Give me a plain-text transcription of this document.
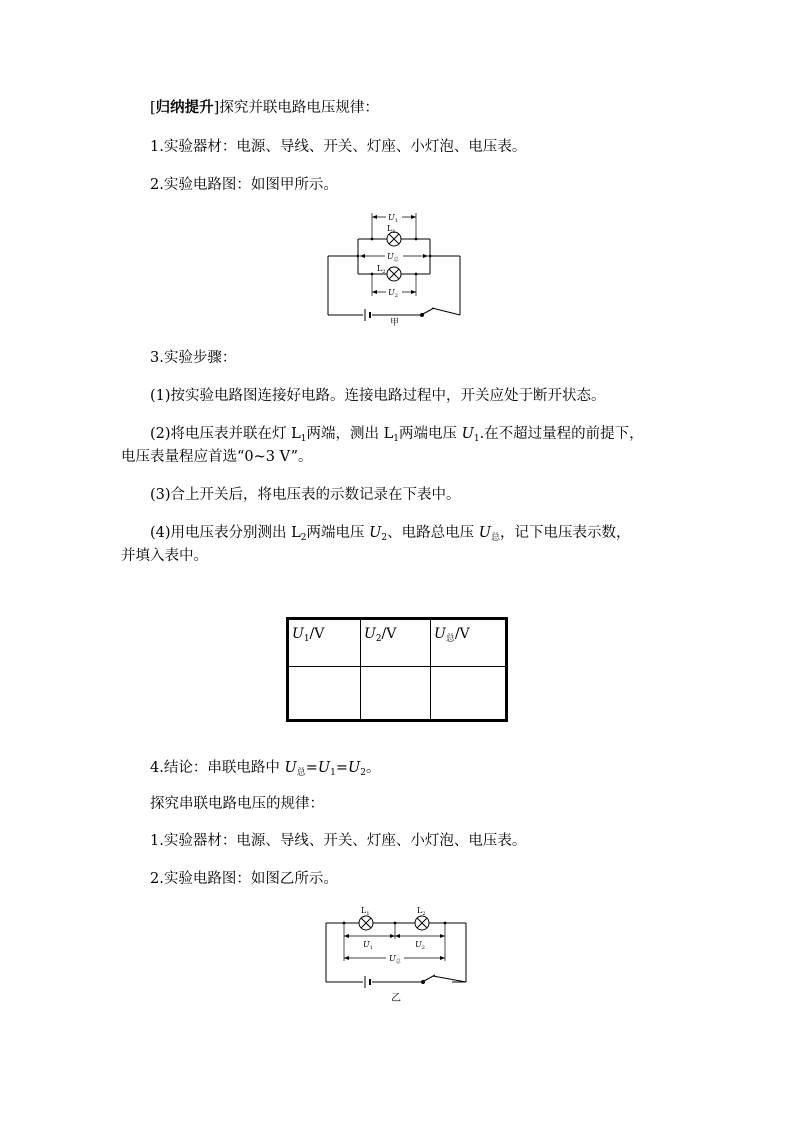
[归纳提升]探究并联电路电压规律：
1.实验器材：电源、导线、开关、灯座、小灯泡、电压表。
2.实验电路图：如图甲所示。
$U_1$
$L_1$
$U_总$
$L_2$
$U_2$
甲
3.实验步骤：
(1)按实验电路图连接好电路。连接电路过程中，开关应处于断开状态。
(2)将电压表并联在灯 $L_1$两端，测出 $L_1$两端电压 $U_1$.在不超过量程的前提下，
电压表量程应首选“0~3 V”。
(3)合上开关后，将电压表的示数记录在下表中。
(4)用电压表分别测出 $L_2$两端电压 $U_2$、电路总电压 $U_总$，记下电压表示数，
并填入表中。
$U_1/V$	$U_2/V$	$U_总/V$

4.结论：串联电路中 $U_总=U_1=U_2$。
探究串联电路电压的规律：
1.实验器材：电源、导线、开关、灯座、小灯泡、电压表。
2.实验电路图：如图乙所示。
$L_1$	$L_2$
$U_1$	$U_2$
$U_总$
乙
